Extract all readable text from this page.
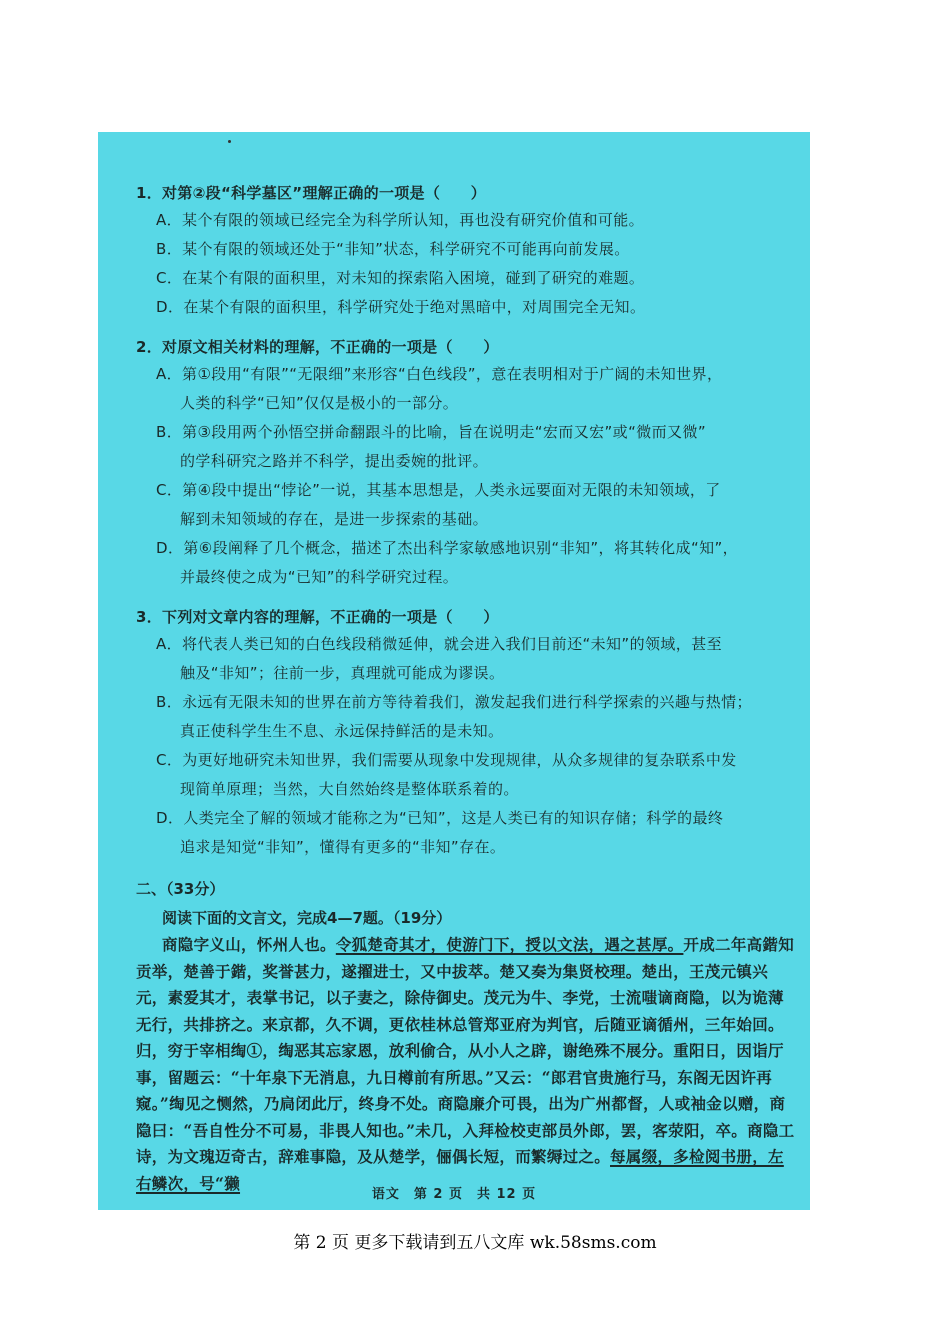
1．对第②段“科学墓区”理解正确的一项是（　　）
A．某个有限的领域已经完全为科学所认知，再也没有研究价值和可能。
B．某个有限的领域还处于“非知”状态，科学研究不可能再向前发展。
C．在某个有限的面积里，对未知的探索陷入困境，碰到了研究的难题。
D．在某个有限的面积里，科学研究处于绝对黑暗中，对周围完全无知。
2．对原文相关材料的理解，不正确的一项是（　　）
A．第①段用“有限”“无限细”来形容“白色线段”，意在表明相对于广阔的未知世界，
人类的科学“已知”仅仅是极小的一部分。
B．第③段用两个孙悟空拼命翻跟斗的比喻，旨在说明走“宏而又宏”或“微而又微”
的学科研究之路并不科学，提出委婉的批评。
C．第④段中提出“悖论”一说，其基本思想是，人类永远要面对无限的未知领域，了
解到未知领域的存在，是进一步探索的基础。
D．第⑥段阐释了几个概念，描述了杰出科学家敏感地识别“非知”，将其转化成“知”，
并最终使之成为“已知”的科学研究过程。
3．下列对文章内容的理解，不正确的一项是（　　）
A．将代表人类已知的白色线段稍微延伸，就会进入我们目前还“未知”的领域，甚至
触及“非知”；往前一步，真理就可能成为谬误。
B．永远有无限未知的世界在前方等待着我们，激发起我们进行科学探索的兴趣与热情；
真正使科学生生不息、永远保持鲜活的是未知。
C．为更好地研究未知世界，我们需要从现象中发现规律，从众多规律的复杂联系中发
现简单原理；当然，大自然始终是整体联系着的。
D．人类完全了解的领域才能称之为“已知”，这是人类已有的知识存储；科学的最终
追求是知觉“非知”，懂得有更多的“非知”存在。
二、（33分）
阅读下面的文言文，完成4—7题。（19分）

商隐字义山，怀州人也。令狐楚奇其才，使游门下，授以文法，遇之甚厚。开成二年高鍇知贡举，楚善于鍇，奖誉甚力，遂擢进士，又中拔萃。楚又奏为集贤校理。楚出，王茂元镇兴元，素爱其才，表掌书记，以子妻之，除侍御史。茂元为牛、李党，士流嗤谪商隐，以为诡薄无行，共排挤之。来京都，久不调，更依桂林总管郑亚府为判官，后随亚谪循州，三年始回。归，穷于宰相绹①，绹恶其忘家恩，放利偷合，从小人之辟，谢绝殊不展分。重阳日，因诣厅事，留题云：“十年泉下无消息，九日樽前有所思。”又云：“郎君官贵施行马，东阁无因许再窥。”绹见之恻然，乃扃闭此厅，终身不处。商隐廉介可畏，出为广州都督，人或袖金以赠，商隐曰：“吾自性分不可易，非畏人知也。”未几，入拜检校吏部员外郎，罢，客荥阳，卒。商隐工诗，为文瑰迈奇古，辞难事隐，及从楚学，俪偶长短，而繁缛过之。每属缀，多检阅书册，左右鳞次，号“獭

语文　第 2 页　共 12 页
第 2 页 更多下载请到五八文库 wk.58sms.com
